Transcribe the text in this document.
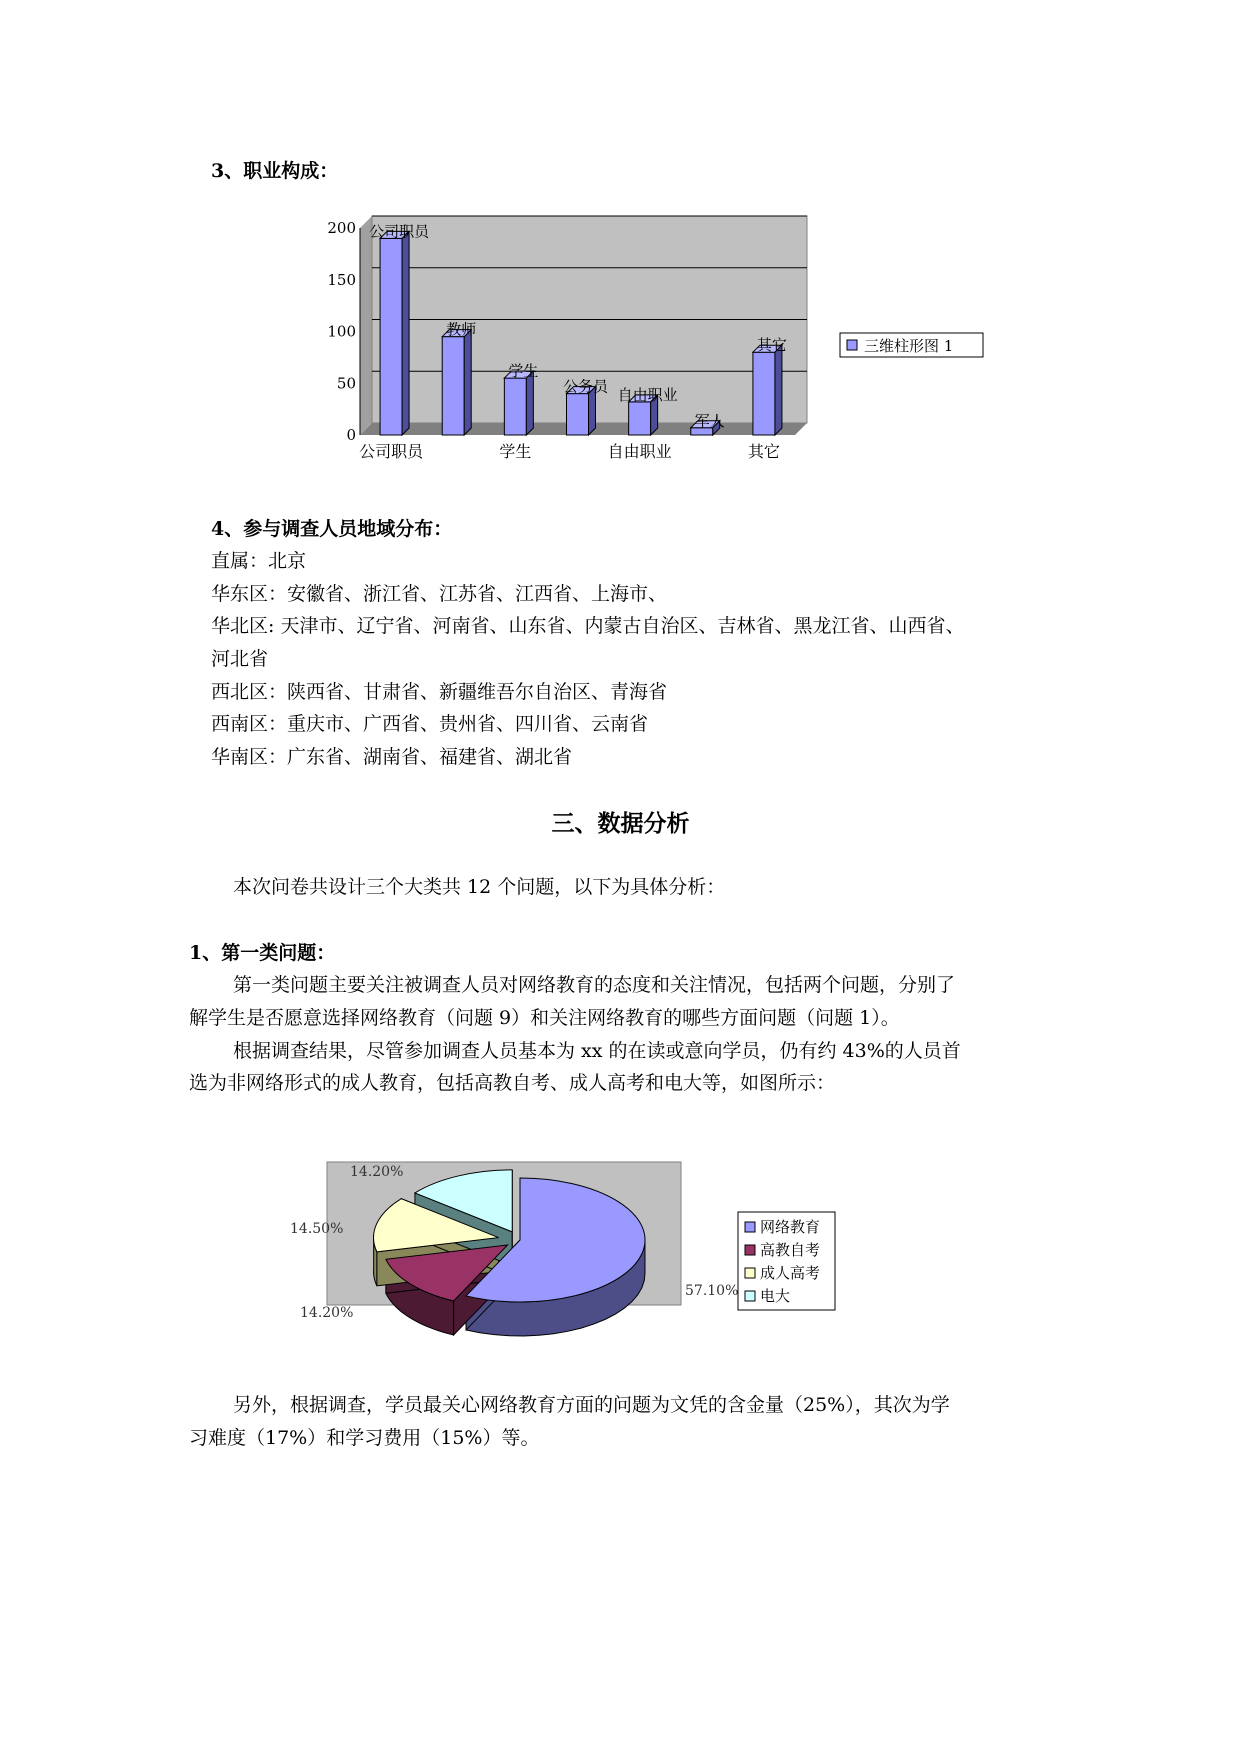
3、职业构成：
0
50
100
150
200 公司职员
教师
学生
公务员 自由职业
军人
其它
公司职员	学生	自由职业	其它
三维柱形图 1
4、参与调查人员地域分布：
直属：北京
华东区：安徽省、浙江省、江苏省、江西省、上海市、
华北区: 天津市、辽宁省、河南省、山东省、内蒙古自治区、吉林省、黑龙江省、山西省、
河北省
西北区：陕西省、甘肃省、新疆维吾尔自治区、青海省
西南区：重庆市、广西省、贵州省、四川省、云南省
华南区：广东省、湖南省、福建省、湖北省
三、数据分析
本次问卷共设计三个大类共 12 个问题，以下为具体分析：
1、第一类问题：
第一类问题主要关注被调查人员对网络教育的态度和关注情况，包括两个问题，分别了
解学生是否愿意选择网络教育（问题 9）和关注网络教育的哪些方面问题（问题 1）。
根据调查结果，尽管参加调查人员基本为 xx 的在读或意向学员，仍有约 43%的人员首
选为非网络形式的成人教育，包括高教自考、成人高考和电大等，如图所示：
57.10%
14.20%
14.50%
14.20%
网络教育
高教自考
成人高考
电大
另外，根据调查，学员最关心网络教育方面的问题为文凭的含金量（25%），其次为学
习难度（17%）和学习费用（15%）等。
